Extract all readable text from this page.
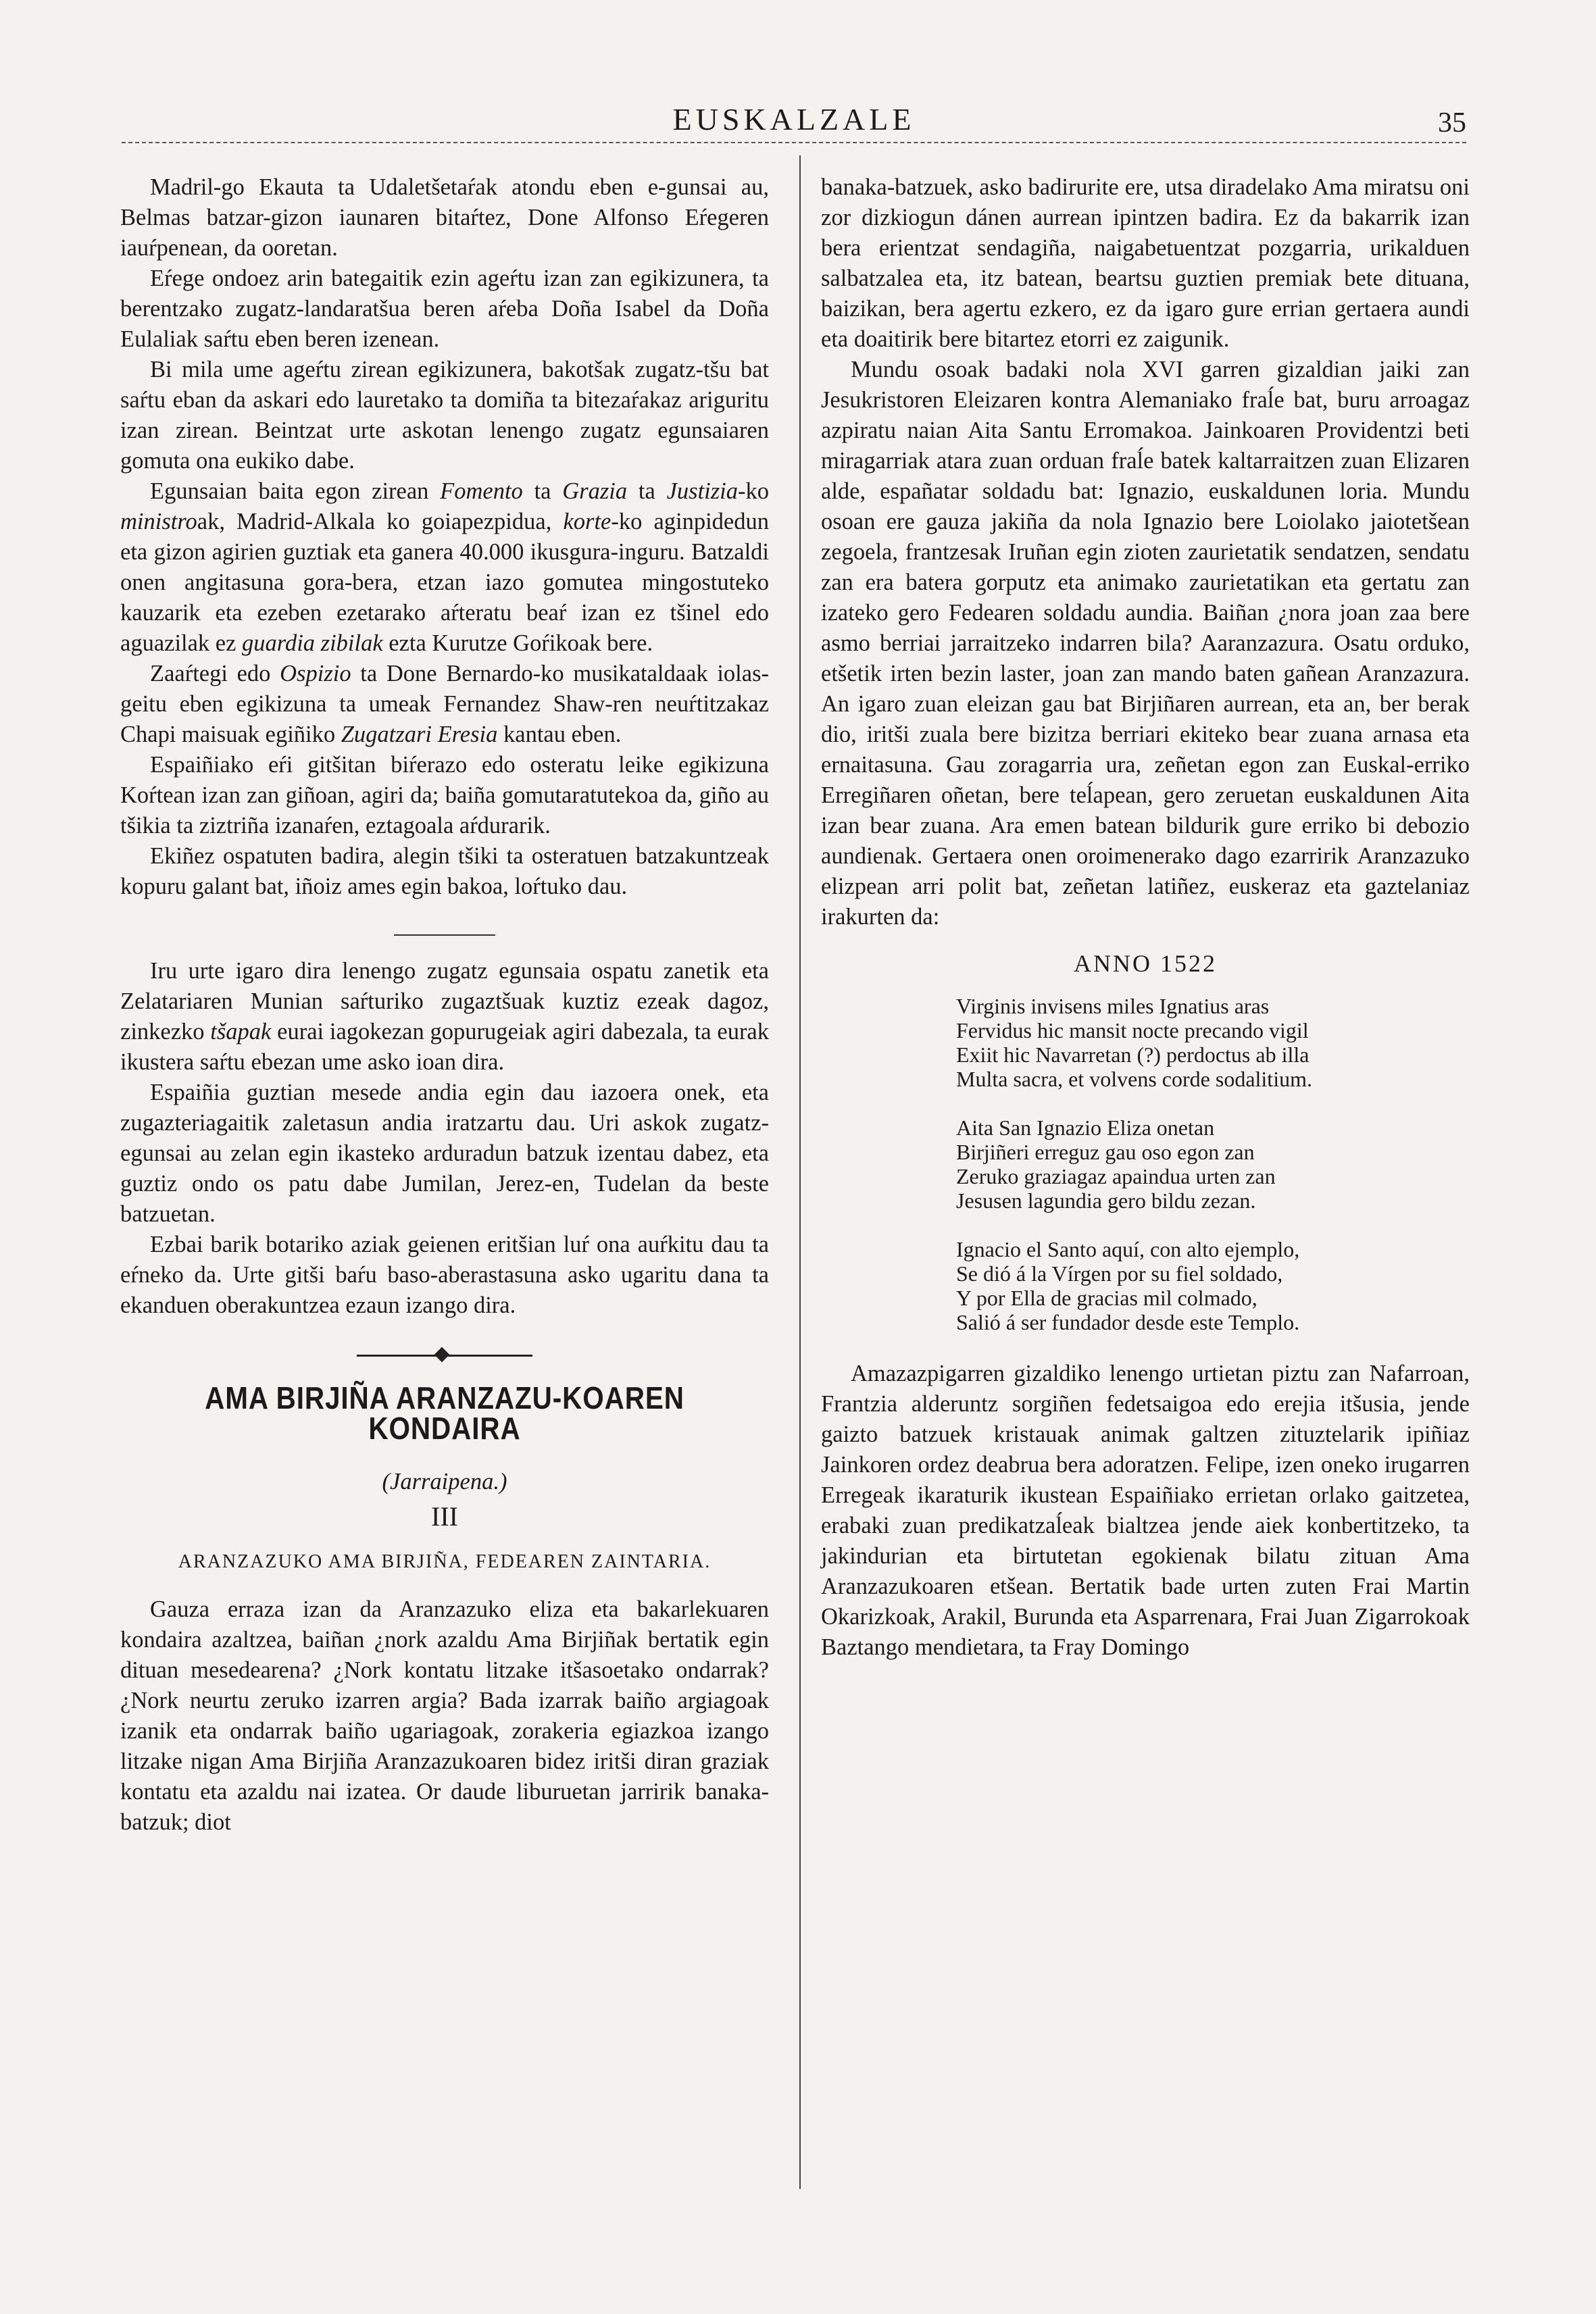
EUSKALZALE	35

Madril-go Ekauta ta Udaletšetaŕak atondu eben e-gunsai au, Belmas batzar-gizon iaunaren bitaŕtez, Done Alfonso Eŕegeren iauŕpenean, da ooretan.

Eŕege ondoez arin bategaitik ezin ageŕtu izan zan egikizunera, ta berentzako zugatz-landaratšua beren aŕeba Doña Isabel da Doña Eulaliak saŕtu eben beren izenean.

Bi mila ume ageŕtu zirean egikizunera, bakotšak zugatz-tšu bat saŕtu eban da askari edo lauretako ta domiña ta bitezaŕakaz ariguritu izan zirean. Beintzat urte askotan lenengo zugatz egunsaiaren gomuta ona eukiko dabe.

Egunsaian baita egon zirean Fomento ta Grazia ta Justizia-ko ministroak, Madrid-Alkala ko goiapezpidua, korte-ko aginpidedun eta gizon agirien guztiak eta ganera 40.000 ikusgura-inguru. Batzaldi onen angitasuna gora-bera, etzan iazo gomutea mingostuteko kauzarik eta ezeben ezetarako aŕteratu beaŕ izan ez tšinel edo aguazilak ez guardia zibilak ezta Kurutze Goŕikoak bere.

Zaaŕtegi edo Ospizio ta Done Bernardo-ko musikataldaak iolas-geitu eben egikizuna ta umeak Fernandez Shaw-ren neuŕtitzakaz Chapi maisuak egiñiko Zugatzari Eresia kantau eben.

Espaiñiako eŕi gitšitan biŕerazo edo osteratu leike egikizuna Koŕtean izan zan giñoan, agiri da; baiña gomutaratutekoa da, giño au tšikia ta ziztriña izanaŕen, eztagoala aŕdurarik.

Ekiñez ospatuten badira, alegin tšiki ta osteratuen batzakuntzeak kopuru galant bat, iñoiz ames egin bakoa, loŕtuko dau.

Iru urte igaro dira lenengo zugatz egunsaia ospatu zanetik eta Zelatariaren Munian saŕturiko zugaztšuak kuztiz ezeak dagoz, zinkezko tšapak eurai iagokezan gopurugeiak agiri dabezala, ta eurak ikustera saŕtu ebezan ume asko ioan dira.

Espaiñia guztian mesede andia egin dau iazoera onek, eta zugazteriagaitik zaletasun andia iratzartu dau. Uri askok zugatz-egunsai au zelan egin ikasteko arduradun batzuk izentau dabez, eta guztiz ondo os patu dabe Jumilan, Jerez-en, Tudelan da beste batzuetan.

Ezbai barik botariko aziak geienen eritšian luŕ ona auŕkitu dau ta eŕneko da. Urte gitši baŕu baso-aberastasuna asko ugaritu dana ta ekanduen oberakuntzea ezaun izango dira.

AMA BIRJIÑA ARANZAZU-KOAREN KONDAIRA
(Jarraipena.)
III
ARANZAZUKO AMA BIRJIÑA, FEDEAREN ZAINTARIA.

Gauza erraza izan da Aranzazuko eliza eta bakarlekuaren kondaira azaltzea, baiñan ¿nork azaldu Ama Birjiñak bertatik egin dituan mesedearena? ¿Nork kontatu litzake itšasoetako ondarrak? ¿Nork neurtu zeruko izarren argia? Bada izarrak baiño argiagoak izanik eta ondarrak baiño ugariagoak, zorakeria egiazkoa izango litzake nigan Ama Birjiña Aranzazukoaren bidez iritši diran graziak kontatu eta azaldu nai izatea. Or daude liburuetan jarririk banaka-batzuk; diot

banaka-batzuek, asko badirurite ere, utsa diradelako Ama miratsu oni zor dizkiogun dánen aurrean ipintzen badira. Ez da bakarrik izan bera erientzat sendagiña, naigabetuentzat pozgarria, urikalduen salbatzalea eta, itz batean, beartsu guztien premiak bete dituana, baizikan, bera agertu ezkero, ez da igaro gure errian gertaera aundi eta doaitirik bere bitartez etorri ez zaigunik.

Mundu osoak badaki nola XVI garren gizaldian jaiki zan Jesukristoren Eleizaren kontra Alemaniako fraĺe bat, buru arroagaz azpiratu naian Aita Santu Erromakoa. Jainkoaren Providentzi beti miragarriak atara zuan orduan fraĺe batek kaltarraitzen zuan Elizaren alde, españatar soldadu bat: Ignazio, euskaldunen loria. Mundu osoan ere gauza jakiña da nola Ignazio bere Loiolako jaiotetšean zegoela, frantzesak Iruñan egin zioten zaurietatik sendatzen, sendatu zan era batera gorputz eta animako zaurietatikan eta gertatu zan izateko gero Fedearen soldadu aundia. Baiñan ¿nora joan zaa bere asmo berriai jarraitzeko indarren bila? Aaranzazura. Osatu orduko, etšetik irten bezin laster, joan zan mando baten gañean Aranzazura. An igaro zuan eleizan gau bat Birjiñaren aurrean, eta an, ber berak dio, iritši zuala bere bizitza berriari ekiteko bear zuana arnasa eta ernaitasuna. Gau zoragarria ura, zeñetan egon zan Euskal-erriko Erregiñaren oñetan, bere teĺapean, gero zeruetan euskaldunen Aita izan bear zuana. Ara emen batean bildurik gure erriko bi debozio aundienak. Gertaera onen oroimenerako dago ezarririk Aranzazuko elizpean arri polit bat, zeñetan latiñez, euskeraz eta gaztelaniaz irakurten da:

ANNO 1522
Virginis invisens miles Ignatius aras
Fervidus hic mansit nocte precando vigil
Exiit hic Navarretan (?) perdoctus ab illa
Multa sacra, et volvens corde sodalitium.
Aita San Ignazio Eliza onetan
Birjiñeri erreguz gau oso egon zan
Zeruko graziagaz apaindua urten zan
Jesusen lagundia gero bildu zezan.
Ignacio el Santo aquí, con alto ejemplo,
Se dió á la Vírgen por su fiel soldado,
Y por Ella de gracias mil colmado,
Salió á ser fundador desde este Templo.

Amazazpigarren gizaldiko lenengo urtietan piztu zan Nafarroan, Frantzia alderuntz sorgiñen fedetsaigoa edo erejia itšusia, jende gaizto batzuek kristauak animak galtzen zituztelarik ipiñiaz Jainkoren ordez deabrua bera adoratzen. Felipe, izen oneko irugarren Erregeak ikaraturik ikustean Espaiñiako errietan orlako gaitzetea, erabaki zuan predikatzaĺeak bialtzea jende aiek konbertitzeko, ta jakindurian eta birtutetan egokienak bilatu zituan Ama Aranzazukoaren etšean. Bertatik bade urten zuten Frai Martin Okarizkoak, Arakil, Burunda eta Asparrenara, Frai Juan Zigarrokoak Baztango mendietara, ta Fray Domingo
